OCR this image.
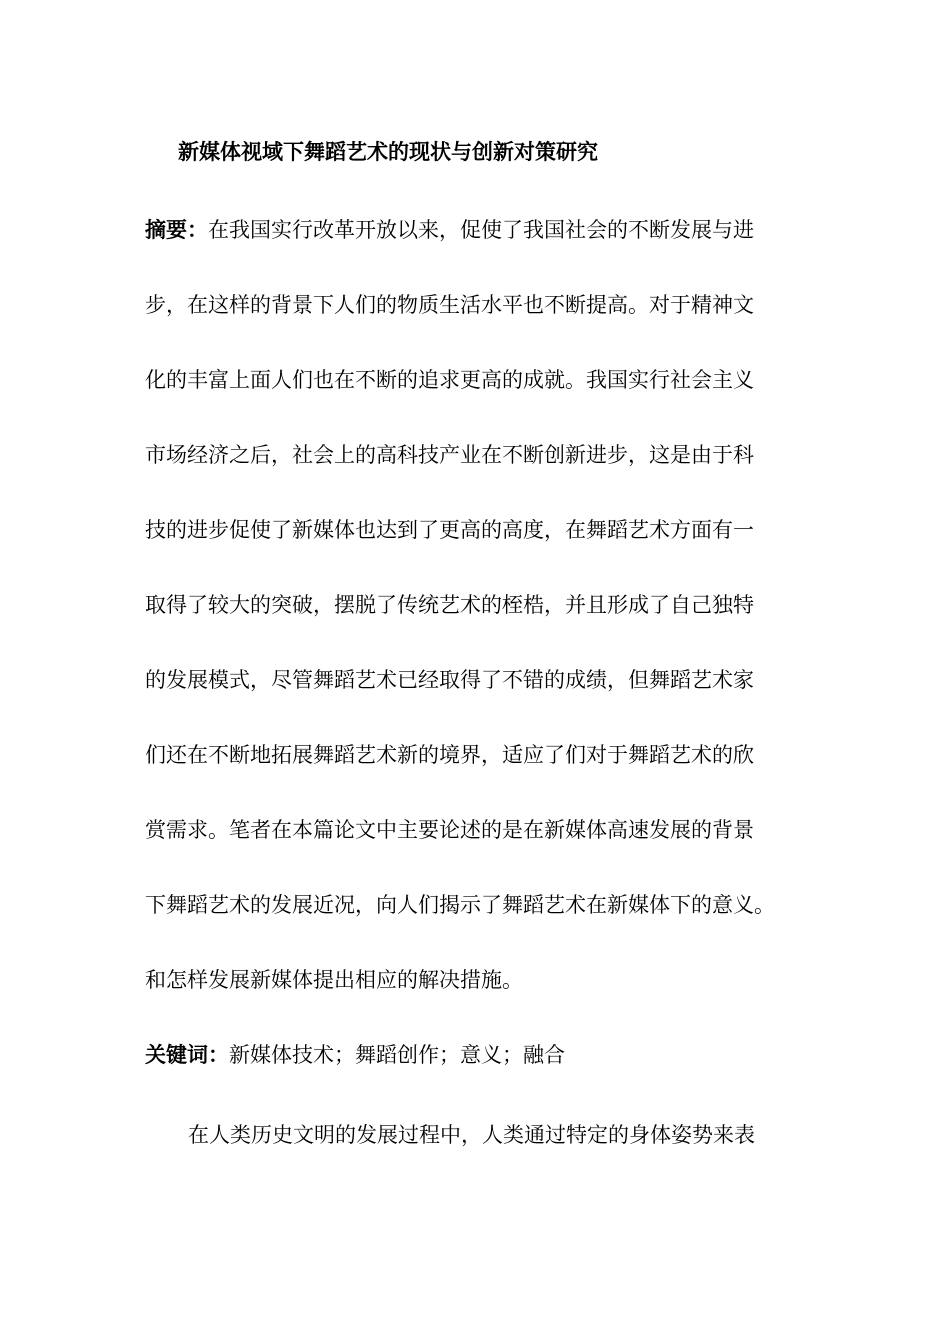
新媒体视域下舞蹈艺术的现状与创新对策研究
摘要：在我国实行改革开放以来，促使了我国社会的不断发展与进
步，在这样的背景下人们的物质生活水平也不断提高。对于精神文
化的丰富上面人们也在不断的追求更高的成就。我国实行社会主义
市场经济之后，社会上的高科技产业在不断创新进步，这是由于科
技的进步促使了新媒体也达到了更高的高度，在舞蹈艺术方面有一
取得了较大的突破，摆脱了传统艺术的桎梏，并且形成了自己独特
的发展模式，尽管舞蹈艺术已经取得了不错的成绩，但舞蹈艺术家
们还在不断地拓展舞蹈艺术新的境界，适应了们对于舞蹈艺术的欣
赏需求。笔者在本篇论文中主要论述的是在新媒体高速发展的背景
下舞蹈艺术的发展近况，向人们揭示了舞蹈艺术在新媒体下的意义。
和怎样发展新媒体提出相应的解决措施。
关键词：新媒体技术；舞蹈创作；意义；融合
在人类历史文明的发展过程中，人类通过特定的身体姿势来表
